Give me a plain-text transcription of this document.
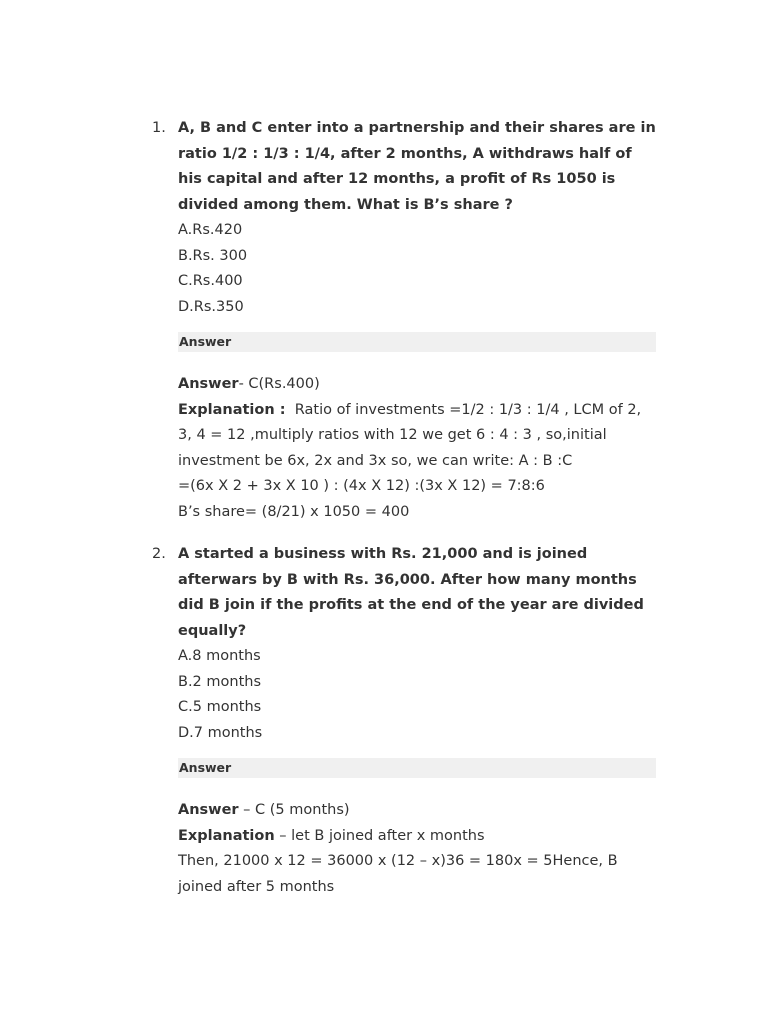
1. A, B and C enter into a partnership and their shares are in ratio 1/2 : 1/3 : 1/4, after 2 months, A withdraws half of his capital and after 12 months, a profit of Rs 1050 is divided among them. What is B’s share ?

A.Rs.420
B.Rs. 300
C.Rs.400
D.Rs.350
Answer
Answer- C(Rs.400)
Explanation : Ratio of investments =1/2 : 1/3 : 1/4 , LCM of 2, 3, 4 = 12 ,multiply ratios with 12 we get 6 : 4 : 3 , so,initial investment be 6x, 2x and 3x so, we can write: A : B :C
=(6x X 2 + 3x X 10 ) : (4x X 12) :(3x X 12) = 7:8:6
B’s share= (8/21) x 1050 = 400
2. A started a business with Rs. 21,000 and is joined afterwars by B with Rs. 36,000. After how many months did B join if the profits at the end of the year are divided equally?

A.8 months
B.2 months
C.5 months
D.7 months
Answer
Answer – C (5 months)
Explanation – let B joined after x months
Then, 21000 x 12 = 36000 x (12 – x)36 = 180x = 5Hence, B joined after 5 months
